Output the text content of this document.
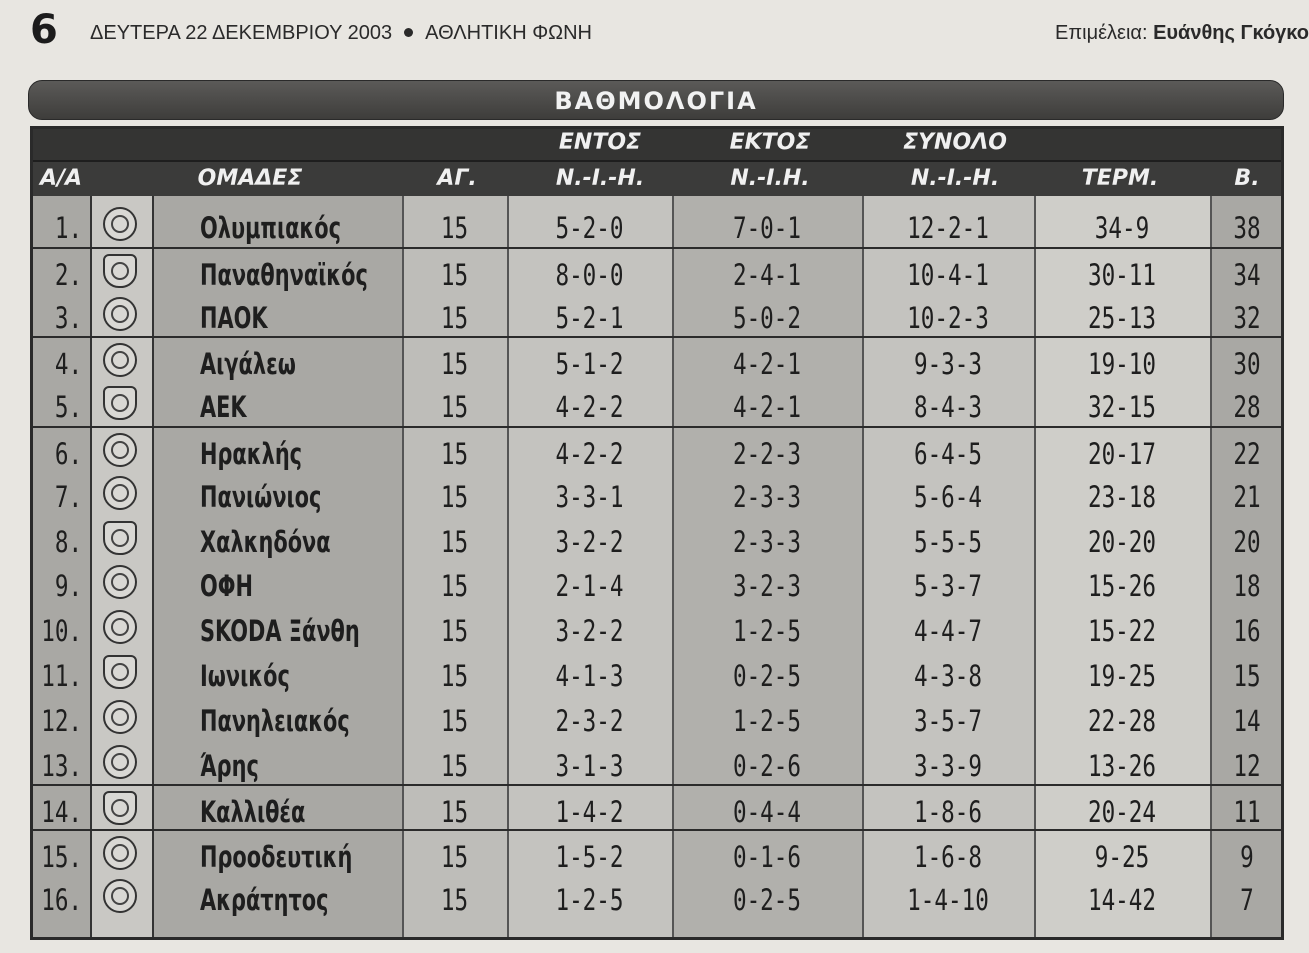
6 ΔΕΥΤΕΡΑ 22 ΔΕΚΕΜΒΡΙΟΥ 2003 ΑΘΛΗΤΙΚΗ ΦΩΝΗ	Επιμέλεια: Ευάνθης Γκόγκο
ΒΑΘΜΟΛΟΓΙΑ
ΕΝΤΟΣ	ΕΚΤΟΣ	ΣΥΝΟΛΟ
Α/Α	ΟΜΑΔΕΣ	ΑΓ.	Ν.-Ι.-Η.	Ν.-Ι.Η.	Ν.-Ι.-Η.	ΤΕΡΜ.	Β.
1.	Ολυμπιακός	15	5-2-0	7-0-1	12-2-1	34-9	38
2.	Παναθηναϊκός	15	8-0-0	2-4-1	10-4-1	30-11	34
3.	ΠΑΟΚ	15	5-2-1	5-0-2	10-2-3	25-13	32
4.	Αιγάλεω	15	5-1-2	4-2-1	9-3-3	19-10	30
5.	ΑΕΚ	15	4-2-2	4-2-1	8-4-3	32-15	28
6.	Ηρακλής	15	4-2-2	2-2-3	6-4-5	20-17	22
7.	Πανιώνιος	15	3-3-1	2-3-3	5-6-4	23-18	21
8.	Χαλκηδόνα	15	3-2-2	2-3-3	5-5-5	20-20	20
9.	ΟΦΗ	15	2-1-4	3-2-3	5-3-7	15-26	18
10.	SKODA Ξάνθη	15	3-2-2	1-2-5	4-4-7	15-22	16
11.	Ιωνικός	15	4-1-3	0-2-5	4-3-8	19-25	15
12.	Πανηλειακός	15	2-3-2	1-2-5	3-5-7	22-28	14
13.	Άρης	15	3-1-3	0-2-6	3-3-9	13-26	12
14.	Καλλιθέα	15	1-4-2	0-4-4	1-8-6	20-24	11
15.	Προοδευτική	15	1-5-2	0-1-6	1-6-8	9-25	9
16.	Ακράτητος	15	1-2-5	0-2-5	1-4-10	14-42	7
